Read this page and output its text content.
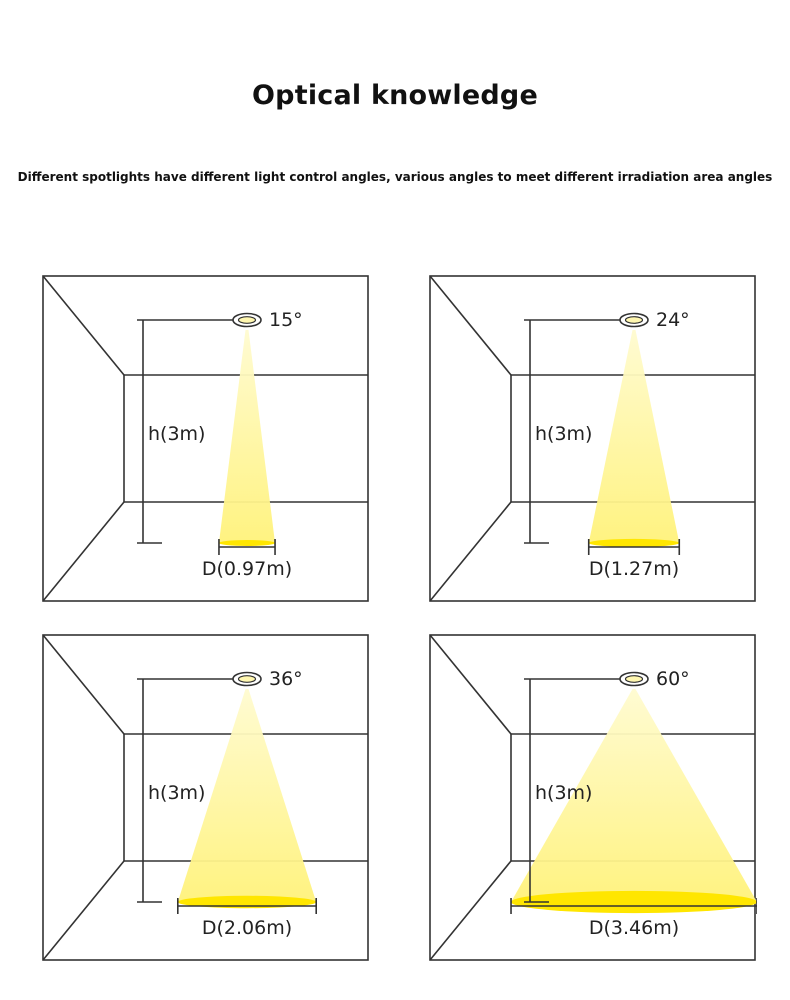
Optical knowledge

Different spotlights have different light control angles, various angles to meet different irradiation area angles

15°
h(3m)
D(0.97m)
24°
h(3m)
D(1.27m)
36°
h(3m)
D(2.06m)
60°
h(3m)
D(3.46m)
